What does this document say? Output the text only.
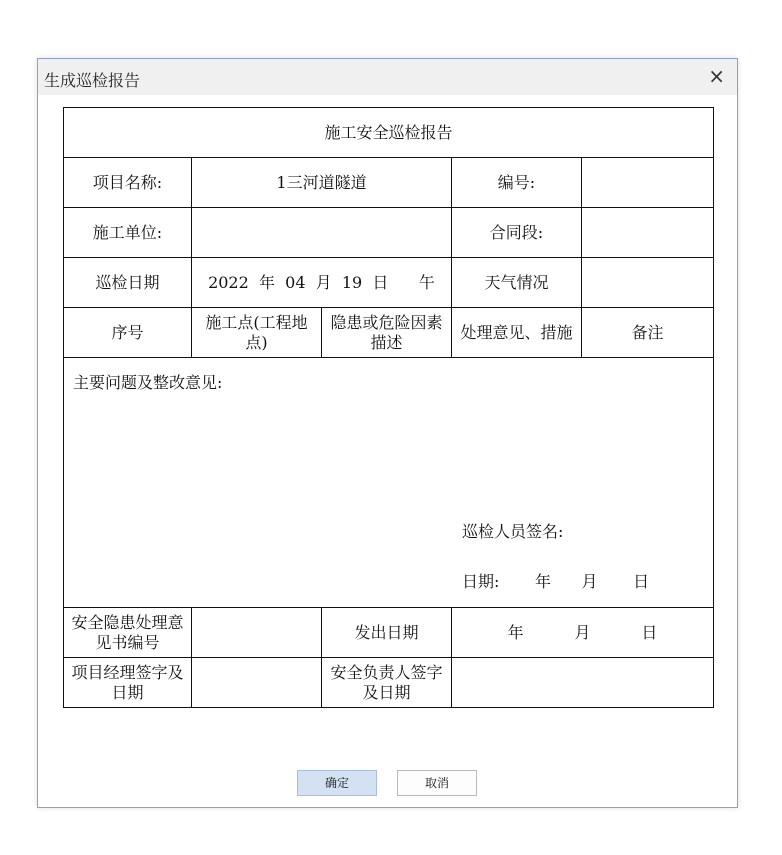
生成巡检报告	×
施工安全巡检报告				
项目名称:	1三河道隧道		编号:	
施工单位:			合同段:	
巡检日期	2022 年 04 月 19 日 午		天气情况	
序号	施工点(工程地点)	隐患或危险因素描述	处理意见、措施	备注

主要问题及整改意见:
巡检人员签名:
日期: 年 月 日				

安全隐患处理意见书编号		发出日期	年 月 日	
项目经理签字及日期		安全负责人签字及日期		
确定	取消
